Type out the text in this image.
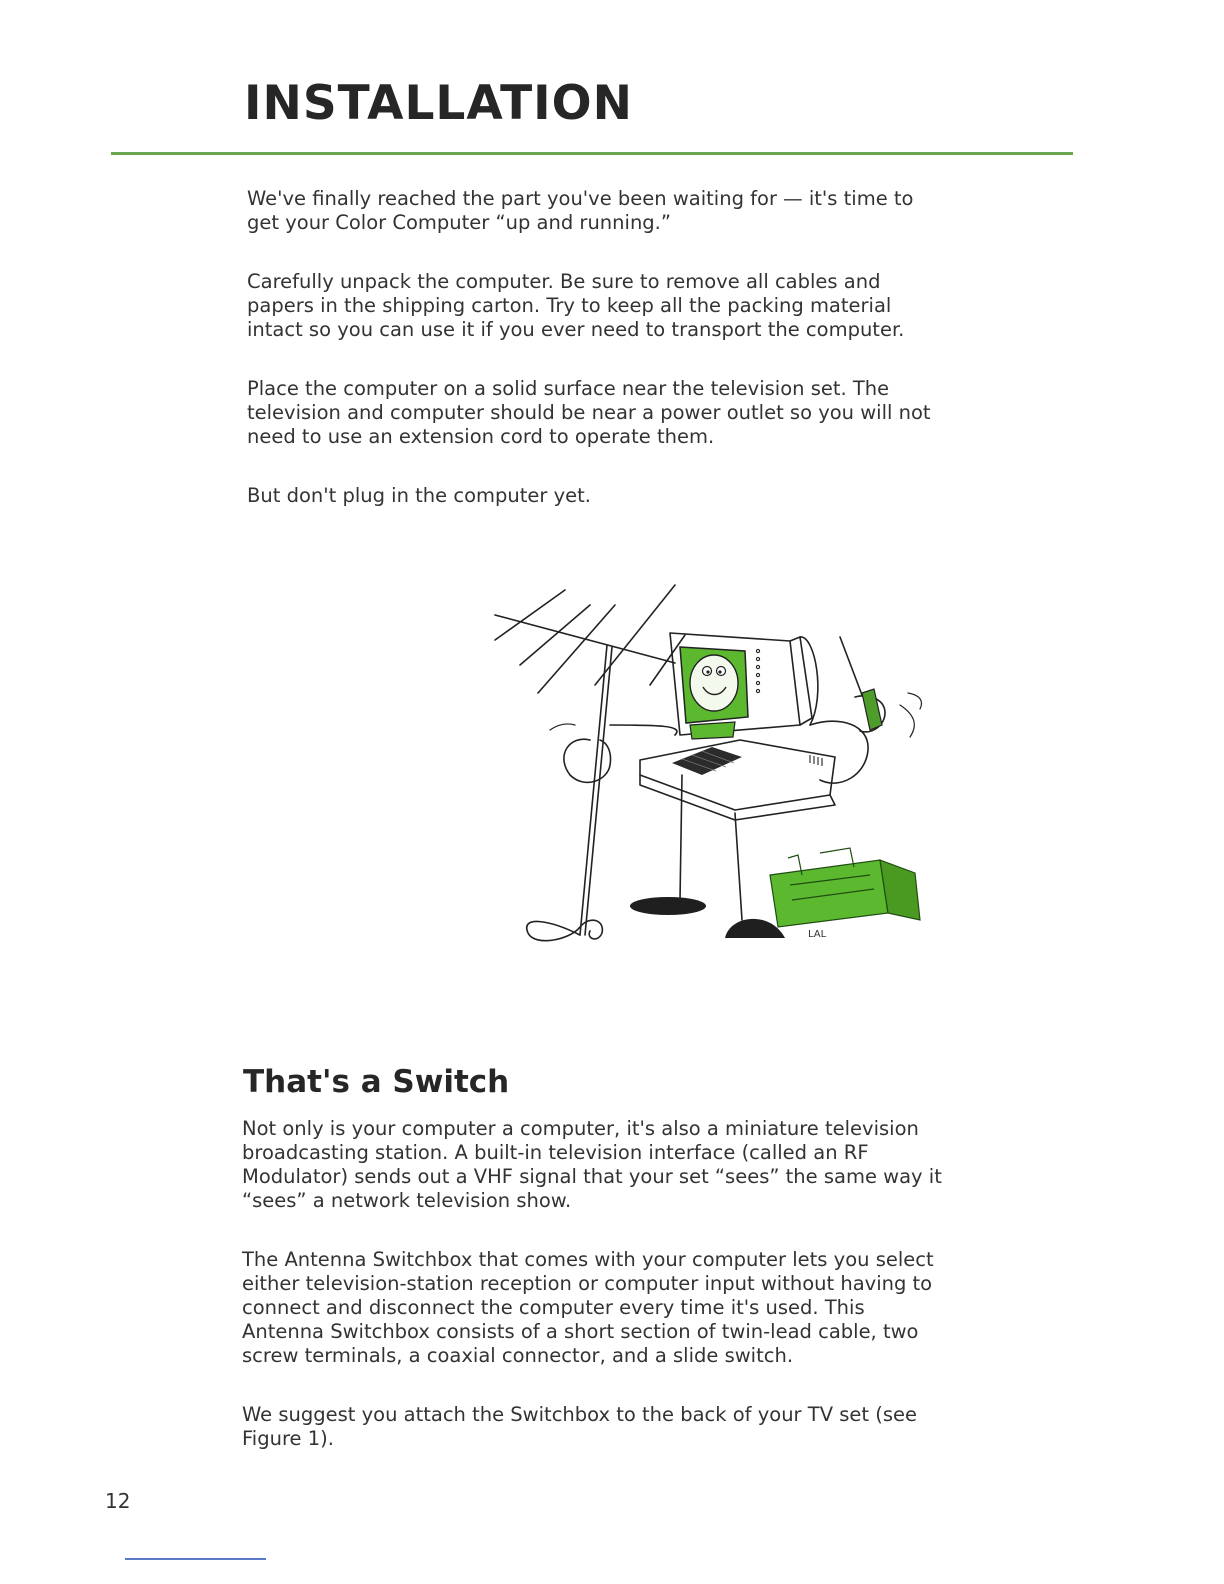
INSTALLATION

We've finally reached the part you've been waiting for — it's time to get your Color Computer “up and running.”

Carefully unpack the computer. Be sure to remove all cables and papers in the shipping carton. Try to keep all the packing material intact so you can use it if you ever need to transport the computer.

Place the computer on a solid surface near the television set. The television and computer should be near a power outlet so you will not need to use an extension cord to operate them.

But don't plug in the computer yet.

LAL
That's a Switch

Not only is your computer a computer, it's also a miniature television broadcasting station. A built-in television interface (called an RF Modulator) sends out a VHF signal that your set “sees” the same way it “sees” a network television show.

The Antenna Switchbox that comes with your computer lets you select either television-station reception or computer input without having to connect and disconnect the computer every time it's used. This Antenna Switchbox consists of a short section of twin-lead cable, two screw terminals, a coaxial connector, and a slide switch.

We suggest you attach the Switchbox to the back of your TV set (see Figure 1).

12
